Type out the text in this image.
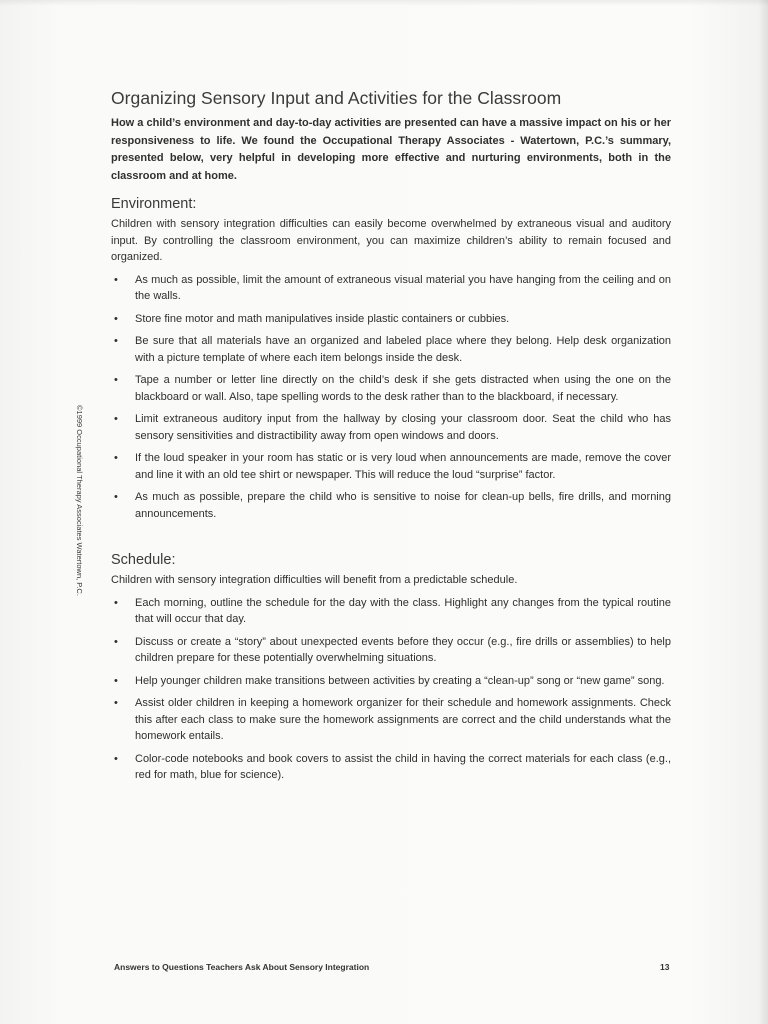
Organizing Sensory Input and Activities for the Classroom

How a child’s environment and day-to-day activities are presented can have a massive impact on his or her responsiveness to life. We found the Occupational Therapy Associates - Watertown, P.C.’s summary, presented below, very helpful in developing more effective and nurturing environments, both in the classroom and at home.

Environment:

Children with sensory integration difficulties can easily become overwhelmed by extraneous visual and auditory input. By controlling the classroom environment, you can maximize children’s ability to remain focused and organized.

• As much as possible, limit the amount of extraneous visual material you have hanging from the ceiling and on the walls.
• Store fine motor and math manipulatives inside plastic containers or cubbies.
• Be sure that all materials have an organized and labeled place where they belong. Help desk organization with a picture template of where each item belongs inside the desk.
• Tape a number or letter line directly on the child’s desk if she gets distracted when using the one on the blackboard or wall. Also, tape spelling words to the desk rather than to the blackboard, if necessary.
• Limit extraneous auditory input from the hallway by closing your classroom door. Seat the child who has sensory sensitivities and distractibility away from open windows and doors.
• If the loud speaker in your room has static or is very loud when announcements are made, remove the cover and line it with an old tee shirt or newspaper. This will reduce the loud “surprise” factor.
• As much as possible, prepare the child who is sensitive to noise for clean-up bells, fire drills, and morning announcements.
Schedule:

Children with sensory integration difficulties will benefit from a predictable schedule.

• Each morning, outline the schedule for the day with the class. Highlight any changes from the typical routine that will occur that day.
• Discuss or create a “story” about unexpected events before they occur (e.g., fire drills or assemblies) to help children prepare for these potentially overwhelming situations.
• Help younger children make transitions between activities by creating a “clean-up” song or “new game” song.
• Assist older children in keeping a homework organizer for their schedule and homework assignments. Check this after each class to make sure the homework assignments are correct and the child understands what the homework entails.
• Color-code notebooks and book covers to assist the child in having the correct materials for each class (e.g., red for math, blue for science).
©1999 Occupational Therapy Associates Watertown, P.C.
Answers to Questions Teachers Ask About Sensory Integration	13
